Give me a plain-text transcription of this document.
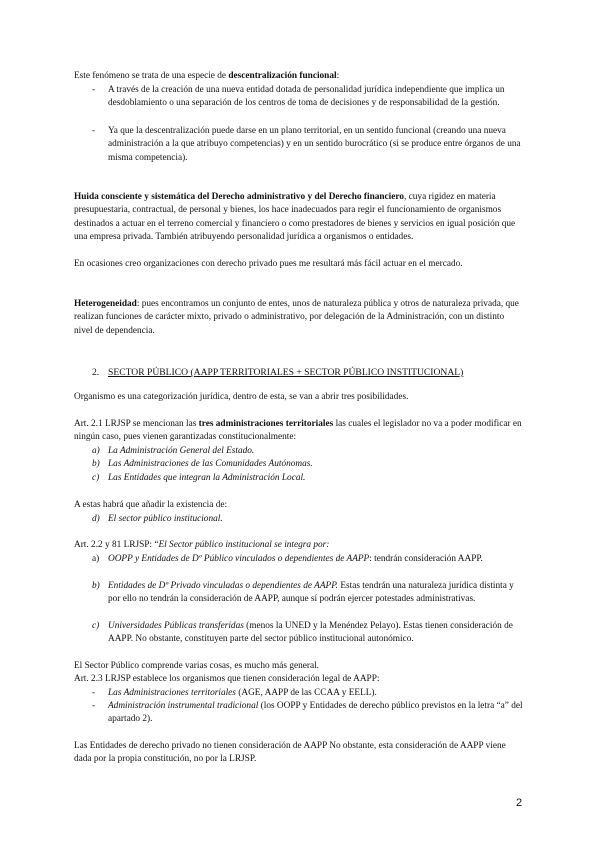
Este fenómeno se trata de una especie de descentralización funcional:

-	A través de la creación de una nueva entidad dotada de personalidad jurídica independiente que implica un desdoblamiento o una separación de los centros de toma de decisiones y de responsabilidad de la gestión.
-	Ya que la descentralización puede darse en un plano territorial, en un sentido funcional (creando una nueva administración a la que atribuyo competencias) y en un sentido burocrático (si se produce entre órganos de una misma competencia).

Huida consciente y sistemática del Derecho administrativo y del Derecho financiero, cuya rigidez en materia presupuestaria, contractual, de personal y bienes, los hace inadecuados para regir el funcionamiento de organismos destinados a actuar en el terreno comercial y financiero o como prestadores de bienes y servicios en igual posición que una empresa privada. También atribuyendo personalidad jurídica a organismos o entidades.

En ocasiones creo organizaciones con derecho privado pues me resultará más fácil actuar en el mercado.

Heterogeneidad: pues encontramos un conjunto de entes, unos de naturaleza pública y otros de naturaleza privada, que realizan funciones de carácter mixto, privado o administrativo, por delegación de la Administración, con un distinto nivel de dependencia.

2. SECTOR PÚBLICO (AAPP TERRITORIALES + SECTOR PÚBLICO INSTITUCIONAL)

Organismo es una categorización jurídica, dentro de esta, se van a abrir tres posibilidades.

Art. 2.1 LRJSP se mencionan las tres administraciones territoriales las cuales el legislador no va a poder modificar en ningún caso, pues vienen garantizadas constitucionalmente:

a) La Administración General del Estado.
b) Las Administraciones de las Comunidades Autónomas.
c) Las Entidades que integran la Administración Local.

A estas habrá que añadir la existencia de:

d) El sector público institucional.

Art. 2.2 y 81 LRJSP: “El Sector público institucional se integra por:

a) OOPP y Entidades de Dº Público vinculados o dependientes de AAPP: tendrán consideración AAPP.
b) Entidades de Dº Privado vinculadas o dependientes de AAPP. Estas tendrán una naturaleza jurídica distinta y por ello no tendrán la consideración de AAPP, aunque sí podrán ejercer potestades administrativas.
c) Universidades Públicas transferidas (menos la UNED y la Menéndez Pelayo). Estas tienen consideración de AAPP. No obstante, constituyen parte del sector público institucional autonómico.

El Sector Público comprende varias cosas, es mucho más general.

Art. 2.3 LRJSP establece los organismos que tienen consideración legal de AAPP:

-	Las Administraciones territoriales (AGE, AAPP de las CCAA y EELL).
-	Administración instrumental tradicional (los OOPP y Entidades de derecho público previstos en la letra “a” del apartado 2).

Las Entidades de derecho privado no tienen consideración de AAPP No obstante, esta consideración de AAPP viene dada por la propia constitución, no por la LRJSP.

2
